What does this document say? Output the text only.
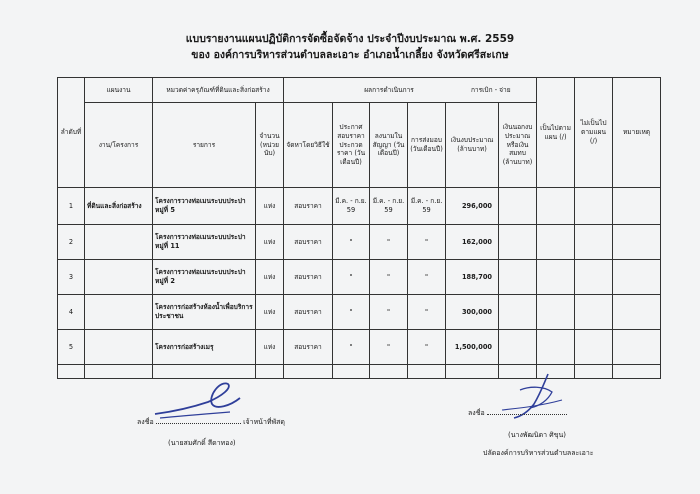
แบบรายงานแผนปฏิบัติการจัดซื้อจัดจ้าง ประจำปีงบประมาณ พ.ศ. 2559
ของ องค์การบริหารส่วนตำบลละเอาะ อำเภอน้ำเกลี้ยง จังหวัดศรีสะเกษ
ลำดับที่	แผนงาน	หมวดค่าครุภัณฑ์ที่ดินและสิ่งก่อสร้าง			ผลการดำเนินการ			การเบิก - จ่าย		เป็นไปตามแผน (/)	ไม่เป็นไปตามแผน (/)	หมายเหตุ
	งาน/โครงการ	รายการ	จำนวน (หน่วยนับ)	จัดหาโดยวิธีใช้	ประกาศสอบราคาประกวดราคา (วันเดือนปี)	ลงนามในสัญญา (วันเดือนปี)	การส่งมอบ (วันเดือนปี)	เงินงบประมาณ (ล้านบาท)	เงินนอกงบประมาณหรือเงินสมทบ (ล้านบาท)			
1	ที่ดินและสิ่งก่อสร้าง	โครงการวางท่อเมนระบบประปา หมู่ที่ 5	แห่ง	สอบราคา	มี.ค. - ก.ย. 59	มี.ค. - ก.ย. 59	มี.ค. - ก.ย. 59	296,000				
2		โครงการวางท่อเมนระบบประปา หมู่ที่ 11	แห่ง	สอบราคา	"	"	"	162,000				
3		โครงการวางท่อเมนระบบประปา หมู่ที่ 2	แห่ง	สอบราคา	"	"	"	188,700				
4		โครงการก่อสร้างห้องน้ำเพื่อบริการประชาชน	แห่ง	สอบราคา	"	"	"	300,000				
5		โครงการก่อสร้างเมรุ	แห่ง	สอบราคา	"	"	"	1,500,000				

ลงชื่อ	เจ้าหน้าที่พัสดุ
(นายสมศักดิ์ สีดาทอง)
ลงชื่อ
(นางพัฒนิดา ศิขุน)
ปลัดองค์การบริหารส่วนตำบลละเอาะ
